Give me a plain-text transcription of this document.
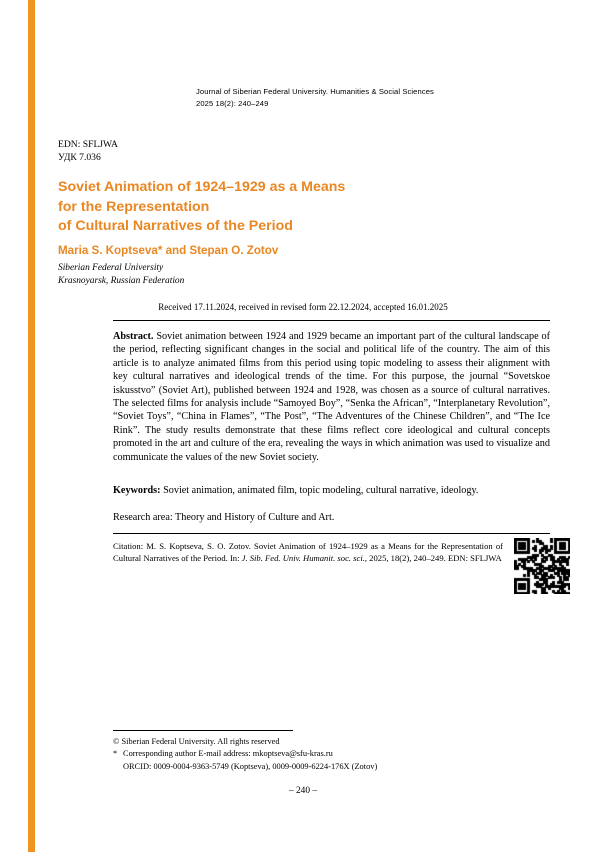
Journal of Siberian Federal University. Humanities & Social Sciences
2025 18(2): 240–249
EDN: SFLJWA
УДК 7.036
Soviet Animation of 1924–1929 as a Means
for the Representation
of Cultural Narratives of the Period
Maria S. Koptseva* and Stepan O. Zotov
Siberian Federal University
Krasnoyarsk, Russian Federation
Received 17.11.2024, received in revised form 22.12.2024, accepted 16.01.2025
Abstract. Soviet animation between 1924 and 1929 became an important part of the cultural landscape of the period, reflecting significant changes in the social and political life of the country. The aim of this article is to analyze animated films from this period using topic modeling to assess their alignment with key cultural narratives and ideological trends of the time. For this purpose, the journal “Sovetskoe iskusstvo” (Soviet Art), published between 1924 and 1928, was chosen as a source of cultural narratives. The selected films for analysis include “Samoyed Boy”, “Senka the African”, “Interplanetary Revolution”, “Soviet Toys”, “China in Flames”, “The Post”, “The Adventures of the Chinese Children”, and “The Ice Rink”. The study results demonstrate that these films reflect core ideological and cultural concepts promoted in the art and culture of the era, revealing the ways in which animation was used to visualize and communicate the values of the new Soviet society.
Keywords: Soviet animation, animated film, topic modeling, cultural narrative, ideology.
Research area: Theory and History of Culture and Art.
Citation: M. S. Koptseva, S. O. Zotov. Soviet Animation of 1924–1929 as a Means for the Representation of Cultural Narratives of the Period. In: J. Sib. Fed. Univ. Humanit. soc. sci., 2025, 18(2), 240–249. EDN: SFLJWA
© Siberian Federal University. All rights reserved
* Corresponding author E-mail address: mkoptseva@sfu-kras.ru
ORCID: 0009-0004-9363-5749 (Koptseva), 0009-0009-6224-176X (Zotov)
– 240 –
